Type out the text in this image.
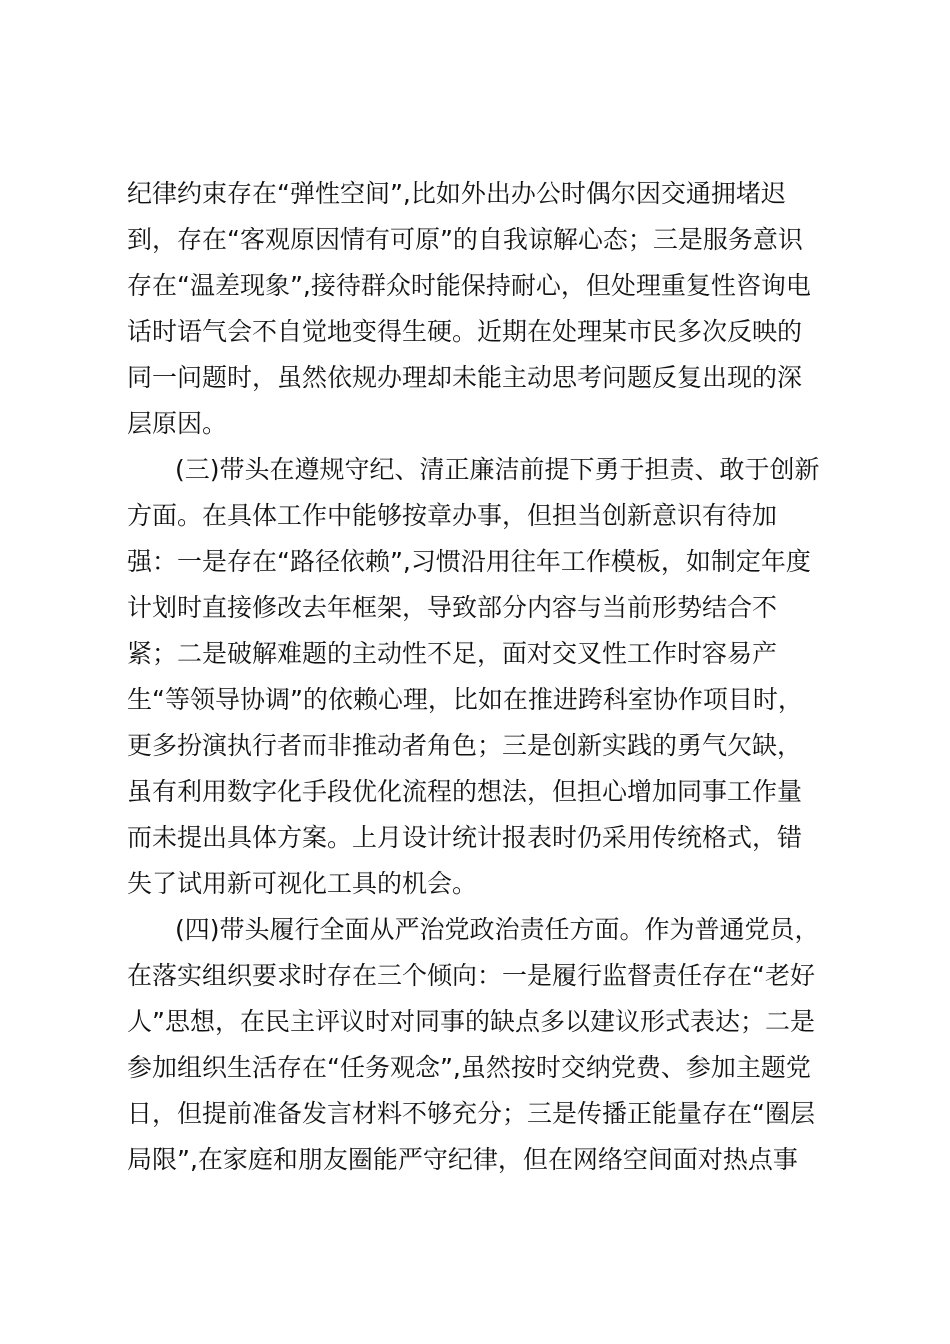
纪律约束存在“弹性空间”,比如外出办公时偶尔因交通拥堵迟
到，存在“客观原因情有可原”的自我谅解心态；三是服务意识
存在“温差现象”,接待群众时能保持耐心，但处理重复性咨询电
话时语气会不自觉地变得生硬。近期在处理某市民多次反映的
同一问题时，虽然依规办理却未能主动思考问题反复出现的深
层原因。
(三)带头在遵规守纪、清正廉洁前提下勇于担责、敢于创新
方面。在具体工作中能够按章办事，但担当创新意识有待加
强：一是存在“路径依赖”,习惯沿用往年工作模板，如制定年度
计划时直接修改去年框架，导致部分内容与当前形势结合不
紧；二是破解难题的主动性不足，面对交叉性工作时容易产
生“等领导协调”的依赖心理，比如在推进跨科室协作项目时，
更多扮演执行者而非推动者角色；三是创新实践的勇气欠缺，
虽有利用数字化手段优化流程的想法，但担心增加同事工作量
而未提出具体方案。上月设计统计报表时仍采用传统格式，错
失了试用新可视化工具的机会。
(四)带头履行全面从严治党政治责任方面。作为普通党员，
在落实组织要求时存在三个倾向：一是履行监督责任存在“老好
人”思想，在民主评议时对同事的缺点多以建议形式表达；二是
参加组织生活存在“任务观念”,虽然按时交纳党费、参加主题党
日，但提前准备发言材料不够充分；三是传播正能量存在“圈层
局限”,在家庭和朋友圈能严守纪律，但在网络空间面对热点事
